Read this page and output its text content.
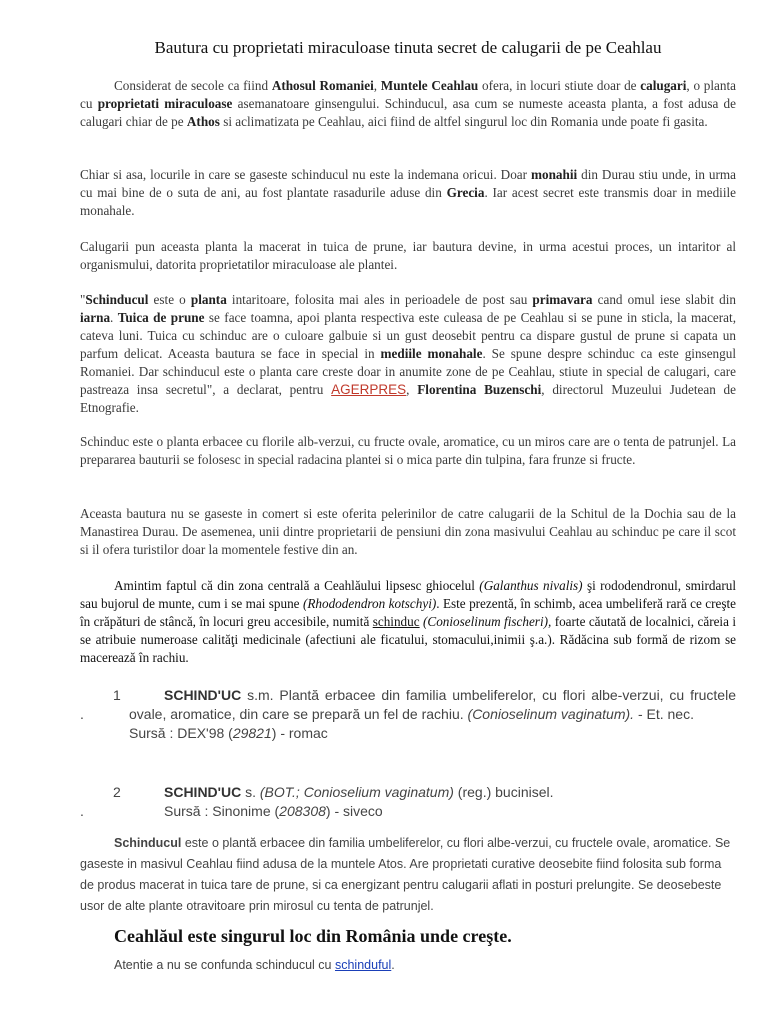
Bautura cu proprietati miraculoase tinuta secret de calugarii de pe Ceahlau

Considerat de secole ca fiind Athosul Romaniei, Muntele Ceahlau ofera, in locuri stiute doar de calugari, o planta cu proprietati miraculoase asemanatoare ginsengului. Schinducul, asa cum se numeste aceasta planta, a fost adusa de calugari chiar de pe Athos si aclimatizata pe Ceahlau, aici fiind de altfel singurul loc din Romania unde poate fi gasita.

Chiar si asa, locurile in care se gaseste schinducul nu este la indemana oricui. Doar monahii din Durau stiu unde, in urma cu mai bine de o suta de ani, au fost plantate rasadurile aduse din Grecia. Iar acest secret este transmis doar in mediile monahale.

Calugarii pun aceasta planta la macerat in tuica de prune, iar bautura devine, in urma acestui proces, un intaritor al organismului, datorita proprietatilor miraculoase ale plantei.

"Schinducul este o planta intaritoare, folosita mai ales in perioadele de post sau primavara cand omul iese slabit din iarna. Tuica de prune se face toamna, apoi planta respectiva este culeasa de pe Ceahlau si se pune in sticla, la macerat, cateva luni. Tuica cu schinduc are o culoare galbuie si un gust deosebit pentru ca dispare gustul de prune si capata un parfum delicat. Aceasta bautura se face in special in mediile monahale. Se spune despre schinduc ca este ginsengul Romaniei. Dar schinducul este o planta care creste doar in anumite zone de pe Ceahlau, stiute in special de calugari, care pastreaza insa secretul", a declarat, pentru AGERPRES, Florentina Buzenschi, directorul Muzeului Judetean de Etnografie.

Schinduc este o planta erbacee cu florile alb-verzui, cu fructe ovale, aromatice, cu un miros care are o tenta de patrunjel. La prepararea bauturii se folosesc in special radacina plantei si o mica parte din tulpina, fara frunze si fructe.

Aceasta bautura nu se gaseste in comert si este oferita pelerinilor de catre calugarii de la Schitul de la Dochia sau de la Manastirea Durau. De asemenea, unii dintre proprietarii de pensiuni din zona masivului Ceahlau au schinduc pe care il scot si il ofera turistilor doar la momentele festive din an.

Amintim faptul că din zona centrală a Ceahlăului lipsesc ghiocelul (Galanthus nivalis) şi rododendronul, smirdarul sau bujorul de munte, cum i se mai spune (Rhododendron kotschyi). Este prezentă, în schimb, acea umbeliferă rară ce creşte în crăpături de stâncă, în locuri greu accesibile, numită schinduc (Conioselinum fischeri), foarte căutată de localnici, căreia i se atribuie numeroase calităţi medicinale (afectiuni ale ficatului, stomacului,inimii ş.a.). Rădăcina sub formă de rizom se macerează în rachiu.

1
.
SCHIND'UC s.m. Plantă erbacee din familia umbeliferelor, cu flori albe-verzui, cu fructele ovale, aromatice, din care se prepară un fel de rachiu. (Conioselinum vaginatum). - Et. nec.
Sursă : DEX'98 (29821) - romac
2
.
SCHIND'UC s. (BOT.; Conioselium vaginatum) (reg.) bucinisel.
Sursă : Sinonime (208308) - siveco

Schinducul este o plantă erbacee din familia umbeliferelor, cu flori albe-verzui, cu fructele ovale, aromatice. Se gaseste in masivul Ceahlau fiind adusa de la muntele Atos. Are proprietati curative deosebite fiind folosita sub forma de produs macerat in tuica tare de prune, si ca energizant pentru calugarii aflati in posturi prelungite. Se deosebeste usor de alte plante otravitoare prin mirosul cu tenta de patrunjel.

Ceahlăul este singurul loc din România unde creşte.

Atentie a nu se confunda schinducul cu schinduful.
